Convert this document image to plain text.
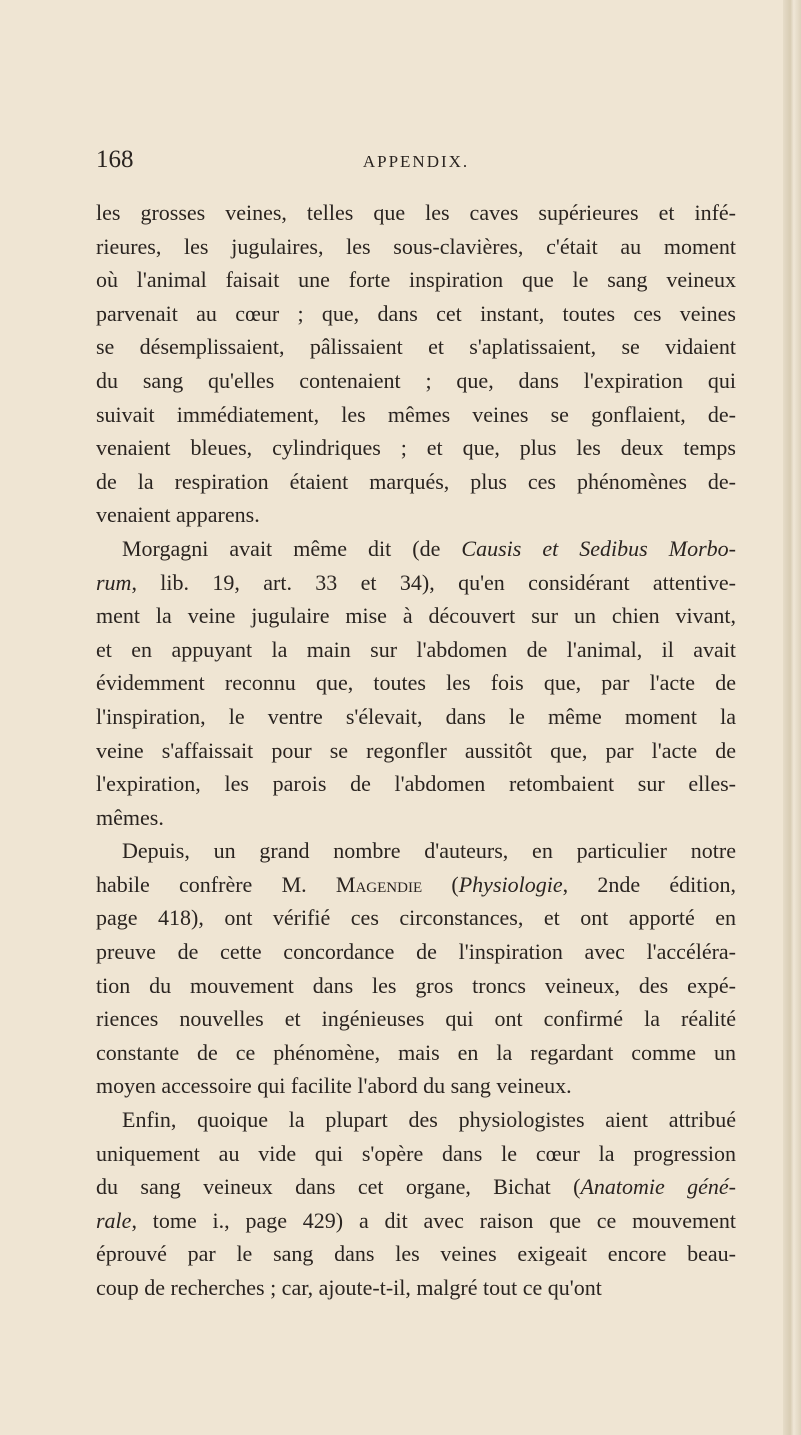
168	APPENDIX.
les grosses veines, telles que les caves supérieures et infé-
rieures, les jugulaires, les sous-clavières, c'était au moment
où l'animal faisait une forte inspiration que le sang veineux
parvenait au cœur ; que, dans cet instant, toutes ces veines
se désemplissaient, pâlissaient et s'aplatissaient, se vidaient
du sang qu'elles contenaient ; que, dans l'expiration qui
suivait immédiatement, les mêmes veines se gonflaient, de-
venaient bleues, cylindriques ; et que, plus les deux temps
de la respiration étaient marqués, plus ces phénomènes de-
venaient apparens.
Morgagni avait même dit (de Causis et Sedibus Morbo-
rum, lib. 19, art. 33 et 34), qu'en considérant attentive-
ment la veine jugulaire mise à découvert sur un chien vivant,
et en appuyant la main sur l'abdomen de l'animal, il avait
évidemment reconnu que, toutes les fois que, par l'acte de
l'inspiration, le ventre s'élevait, dans le même moment la
veine s'affaissait pour se regonfler aussitôt que, par l'acte de
l'expiration, les parois de l'abdomen retombaient sur elles-
mêmes.
Depuis, un grand nombre d'auteurs, en particulier notre
habile confrère M. Magendie (Physiologie, 2nde édition,
page 418), ont vérifié ces circonstances, et ont apporté en
preuve de cette concordance de l'inspiration avec l'accéléra-
tion du mouvement dans les gros troncs veineux, des expé-
riences nouvelles et ingénieuses qui ont confirmé la réalité
constante de ce phénomène, mais en la regardant comme un
moyen accessoire qui facilite l'abord du sang veineux.
Enfin, quoique la plupart des physiologistes aient attribué
uniquement au vide qui s'opère dans le cœur la progression
du sang veineux dans cet organe, Bichat (Anatomie géné-
rale, tome i., page 429) a dit avec raison que ce mouvement
éprouvé par le sang dans les veines exigeait encore beau-
coup de recherches ; car, ajoute-t-il, malgré tout ce qu'ont
